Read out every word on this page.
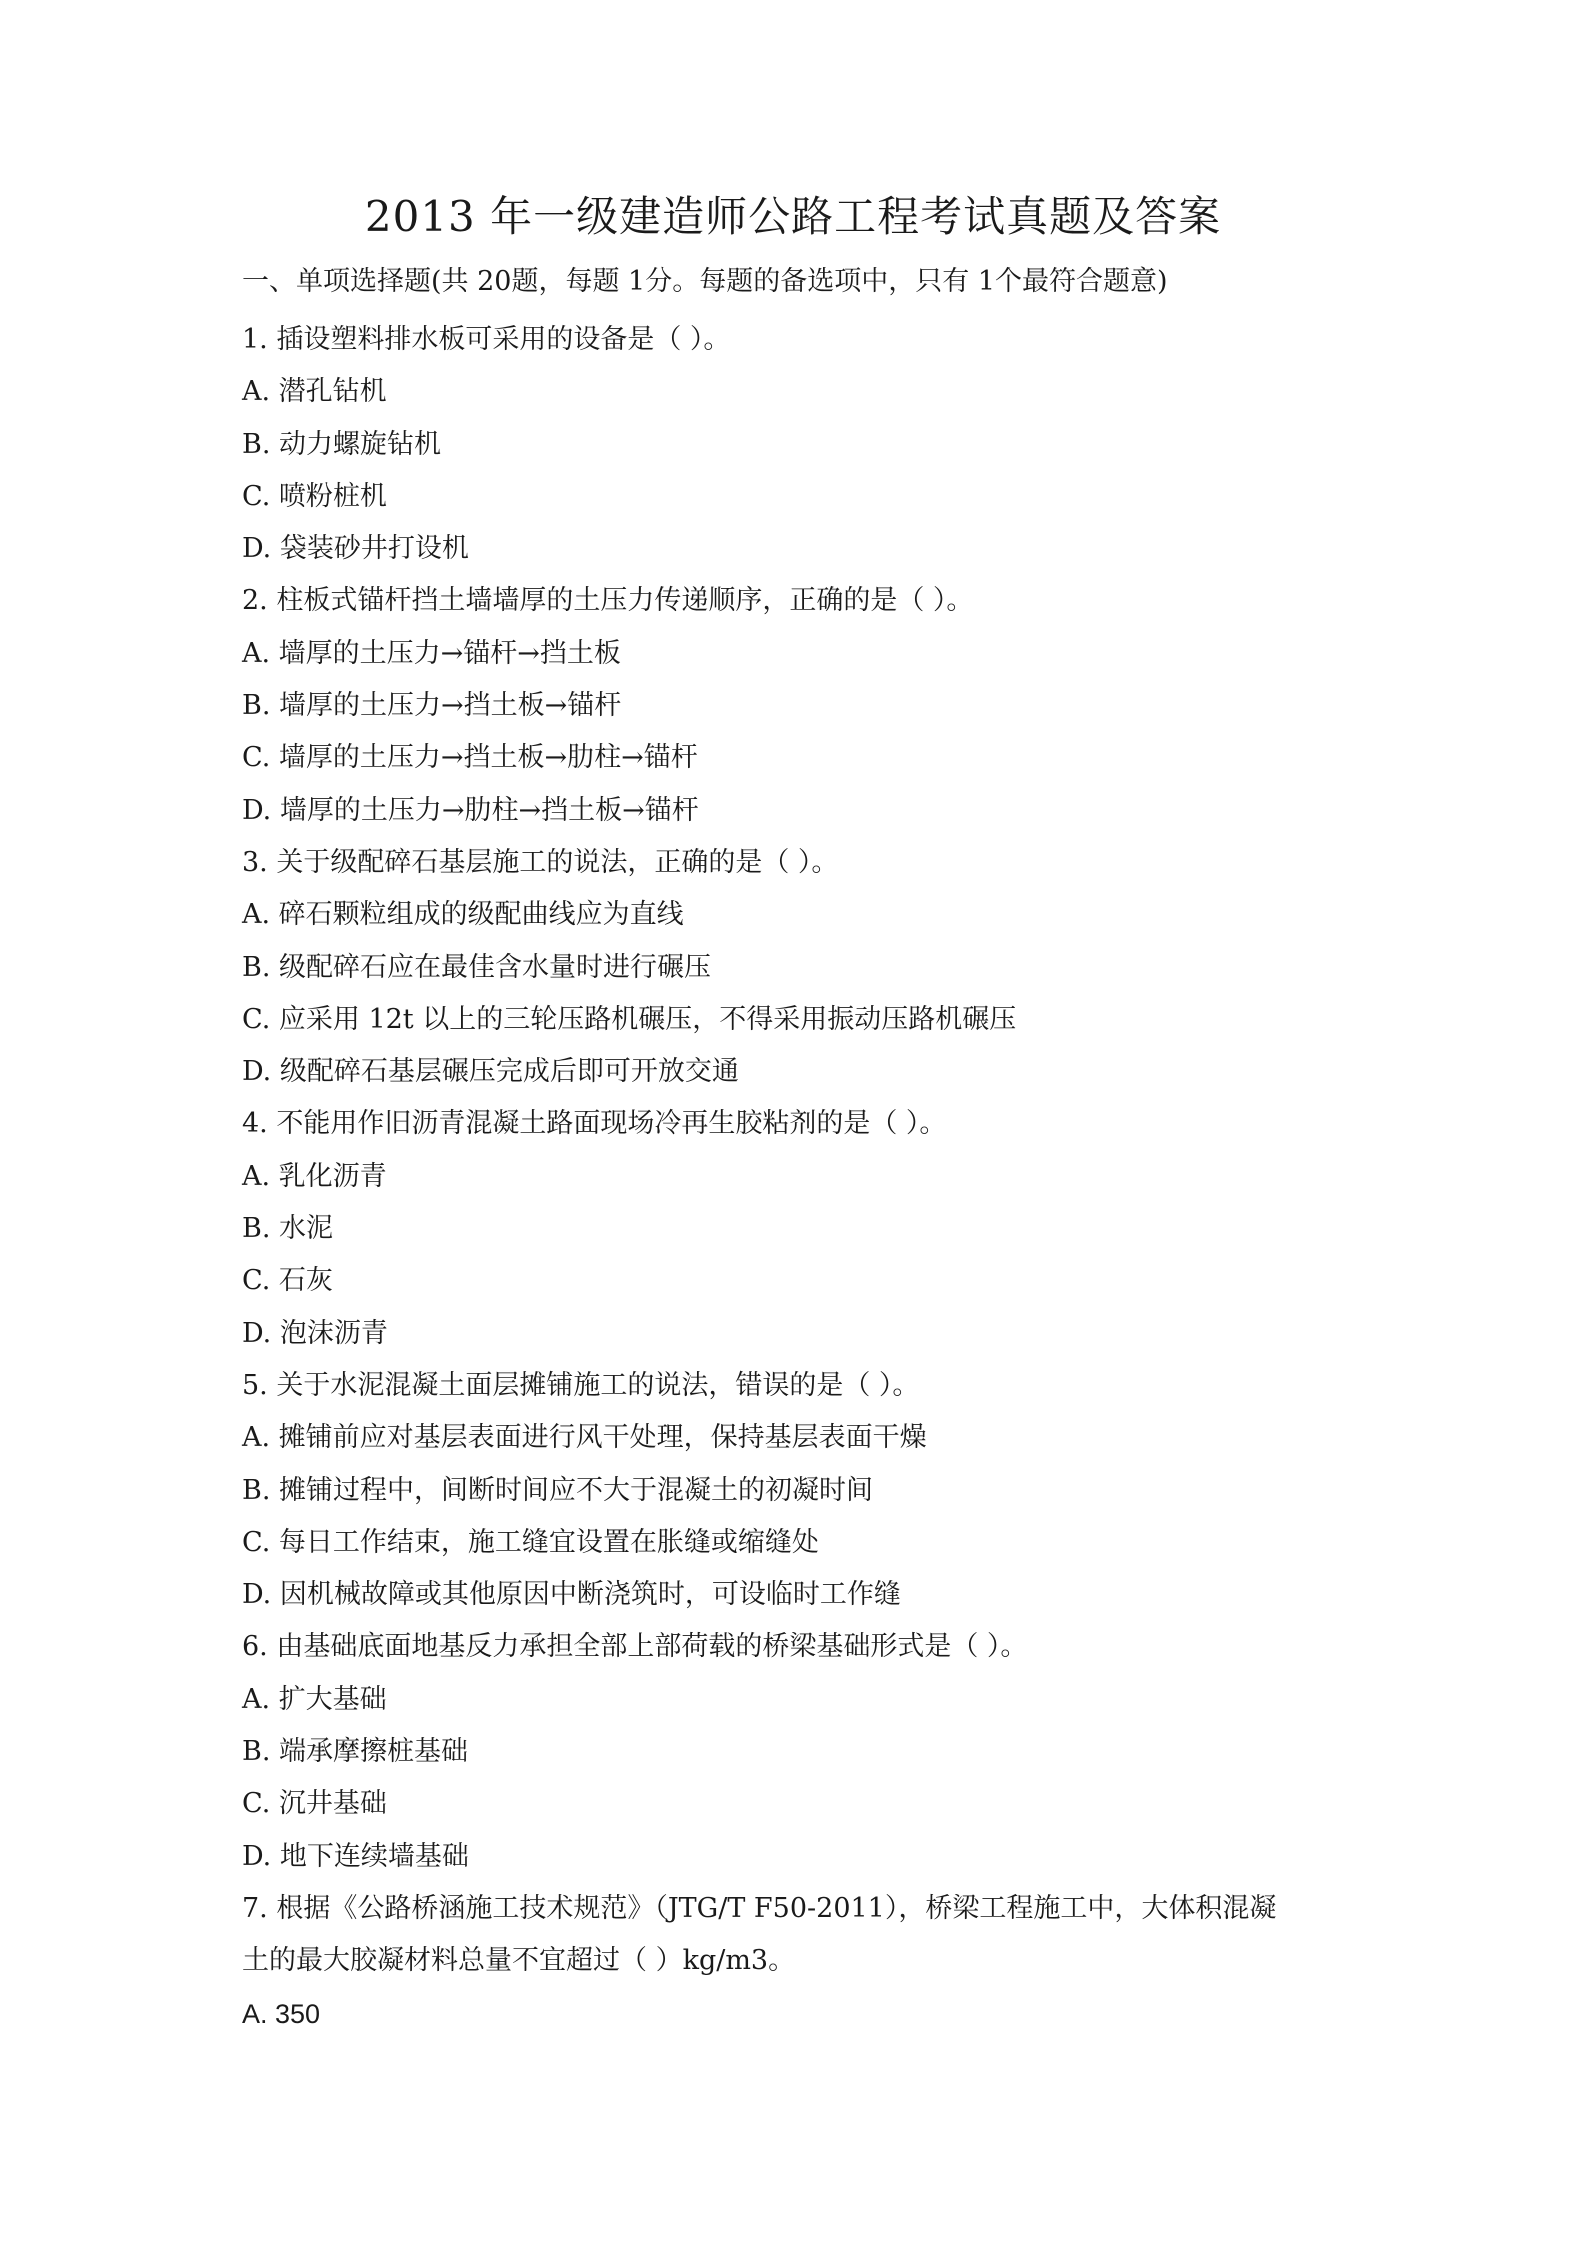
2013 年一级建造师公路工程考试真题及答案

一、单项选择题(共 20题，每题 1分。每题的备选项中，只有 1个最符合题意)

1. 插设塑料排水板可采用的设备是（ ）。

A. 潜孔钻机

B. 动力螺旋钻机

C. 喷粉桩机

D. 袋装砂井打设机

2. 柱板式锚杆挡土墙墙厚的土压力传递顺序，正确的是（ ）。

A. 墙厚的土压力→锚杆→挡土板

B. 墙厚的土压力→挡土板→锚杆

C. 墙厚的土压力→挡土板→肋柱→锚杆

D. 墙厚的土压力→肋柱→挡土板→锚杆

3. 关于级配碎石基层施工的说法，正确的是（ ）。

A. 碎石颗粒组成的级配曲线应为直线

B. 级配碎石应在最佳含水量时进行碾压

C. 应采用 12t 以上的三轮压路机碾压，不得采用振动压路机碾压

D. 级配碎石基层碾压完成后即可开放交通

4. 不能用作旧沥青混凝土路面现场冷再生胶粘剂的是（ ）。

A. 乳化沥青

B. 水泥

C. 石灰

D. 泡沫沥青

5. 关于水泥混凝土面层摊铺施工的说法，错误的是（ ）。

A. 摊铺前应对基层表面进行风干处理，保持基层表面干燥

B. 摊铺过程中，间断时间应不大于混凝土的初凝时间

C. 每日工作结束，施工缝宜设置在胀缝或缩缝处

D. 因机械故障或其他原因中断浇筑时，可设临时工作缝

6. 由基础底面地基反力承担全部上部荷载的桥梁基础形式是（ ）。

A. 扩大基础

B. 端承摩擦桩基础

C. 沉井基础

D. 地下连续墙基础

7. 根据《公路桥涵施工技术规范》（JTG/T F50-2011），桥梁工程施工中，大体积混凝

土的最大胶凝材料总量不宜超过（ ）kg/m3。

A. 350
